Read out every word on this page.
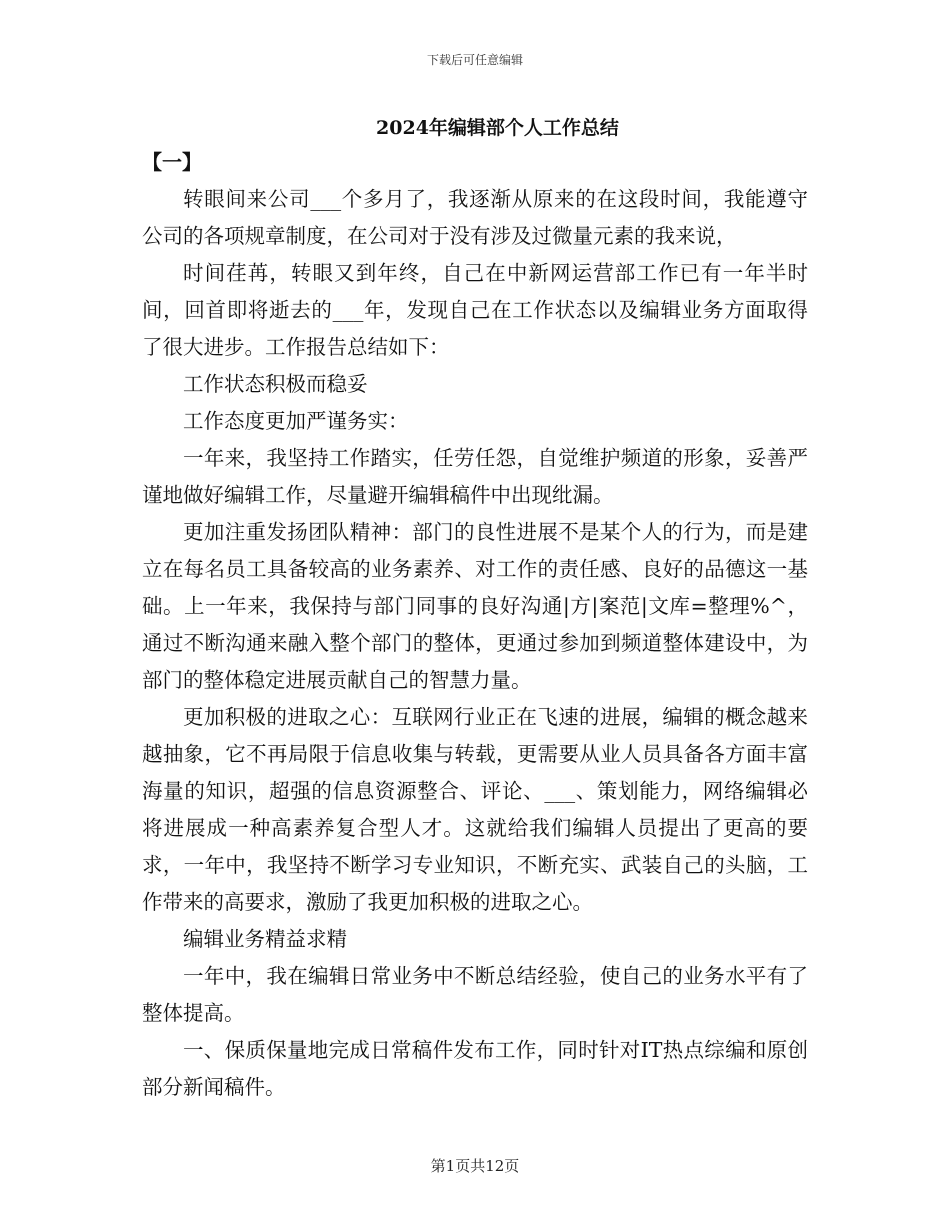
下载后可任意编辑
2024年编辑部个人工作总结
【一】

转眼间来公司___个多月了，我逐渐从原来的在这段时间，我能遵守公司的各项规章制度，在公司对于没有涉及过微量元素的我来说，

时间荏苒，转眼又到年终，自己在中新网运营部工作已有一年半时间，回首即将逝去的___年，发现自己在工作状态以及编辑业务方面取得了很大进步。工作报告总结如下：

工作状态积极而稳妥

工作态度更加严谨务实：

一年来，我坚持工作踏实，任劳任怨，自觉维护频道的形象，妥善严谨地做好编辑工作，尽量避开编辑稿件中出现纰漏。

更加注重发扬团队精神：部门的良性进展不是某个人的行为，而是建立在每名员工具备较高的业务素养、对工作的责任感、良好的品德这一基础。上一年来，我保持与部门同事的良好沟通|方|案范|文库=整理%^，通过不断沟通来融入整个部门的整体，更通过参加到频道整体建设中，为部门的整体稳定进展贡献自己的智慧力量。

更加积极的进取之心：互联网行业正在飞速的进展，编辑的概念越来越抽象，它不再局限于信息收集与转载，更需要从业人员具备各方面丰富海量的知识，超强的信息资源整合、评论、___、策划能力，网络编辑必将进展成一种高素养复合型人才。这就给我们编辑人员提出了更高的要求，一年中，我坚持不断学习专业知识，不断充实、武装自己的头脑，工作带来的高要求，激励了我更加积极的进取之心。

编辑业务精益求精

一年中，我在编辑日常业务中不断总结经验，使自己的业务水平有了整体提高。

一、保质保量地完成日常稿件发布工作，同时针对IT热点综编和原创部分新闻稿件。

第1页共12页
